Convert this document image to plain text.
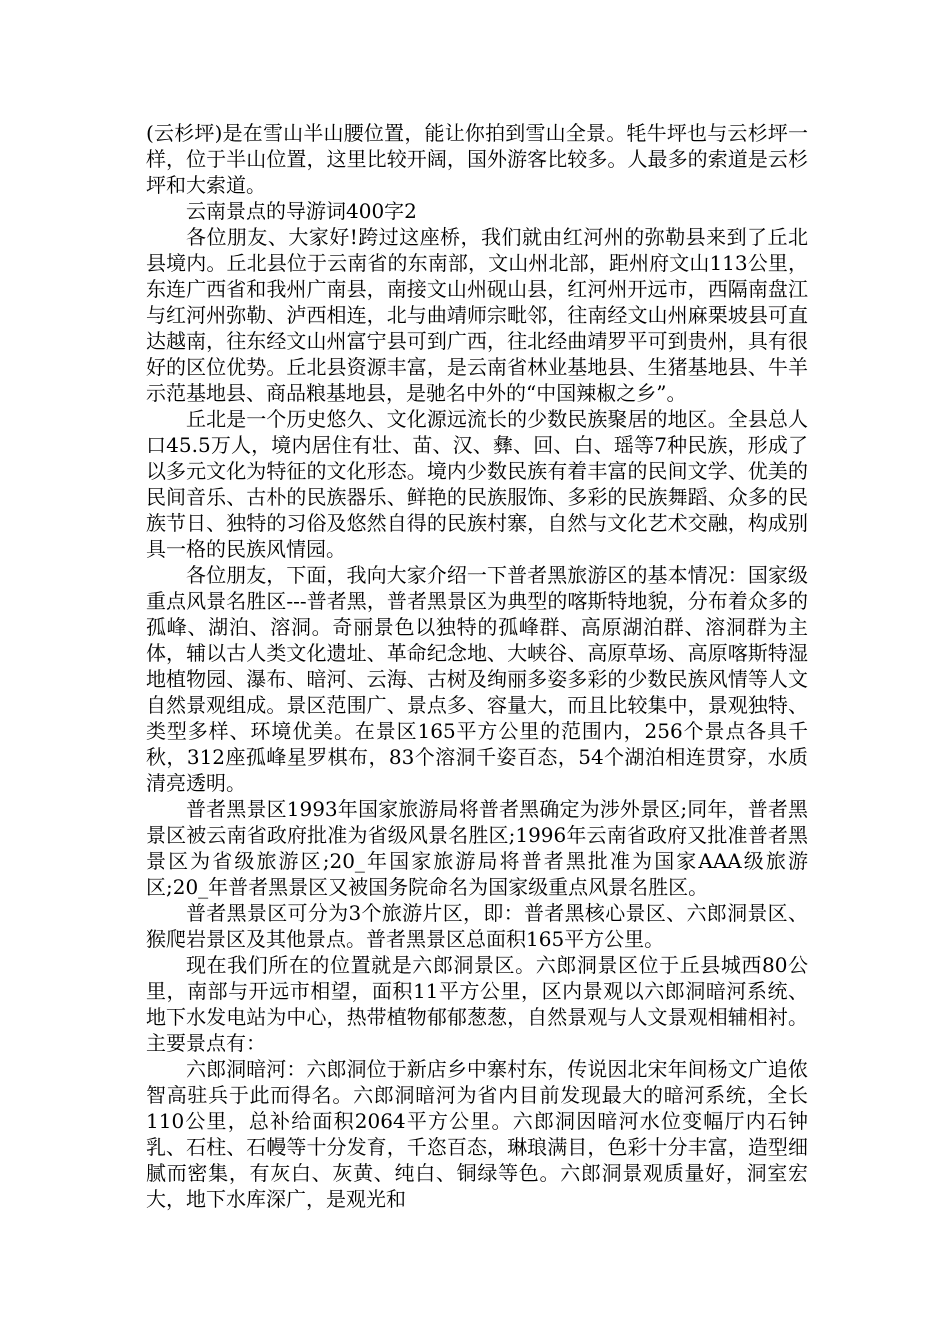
(云杉坪)是在雪山半山腰位置，能让你拍到雪山全景。牦牛坪也与云杉坪一样，位于半山位置，这里比较开阔，国外游客比较多。人最多的索道是云杉坪和大索道。

云南景点的导游词400字2

各位朋友、大家好!跨过这座桥，我们就由红河州的弥勒县来到了丘北县境内。丘北县位于云南省的东南部，文山州北部，距州府文山113公里，东连广西省和我州广南县，南接文山州砚山县，红河州开远市，西隔南盘江与红河州弥勒、泸西相连，北与曲靖师宗毗邻，往南经文山州麻栗坡县可直达越南，往东经文山州富宁县可到广西，往北经曲靖罗平可到贵州，具有很好的区位优势。丘北县资源丰富，是云南省林业基地县、生猪基地县、牛羊示范基地县、商品粮基地县，是驰名中外的“中国辣椒之乡”。

丘北是一个历史悠久、文化源远流长的少数民族聚居的地区。全县总人口45.5万人，境内居住有壮、苗、汉、彝、回、白、瑶等7种民族，形成了以多元文化为特征的文化形态。境内少数民族有着丰富的民间文学、优美的民间音乐、古朴的民族器乐、鲜艳的民族服饰、多彩的民族舞蹈、众多的民族节日、独特的习俗及悠然自得的民族村寨，自然与文化艺术交融，构成别具一格的民族风情园。

各位朋友，下面，我向大家介绍一下普者黑旅游区的基本情况：国家级重点风景名胜区---普者黑，普者黑景区为典型的喀斯特地貌，分布着众多的孤峰、湖泊、溶洞。奇丽景色以独特的孤峰群、高原湖泊群、溶洞群为主体，辅以古人类文化遗址、革命纪念地、大峡谷、高原草场、高原喀斯特湿地植物园、瀑布、暗河、云海、古树及绚丽多姿多彩的少数民族风情等人文自然景观组成。景区范围广、景点多、容量大，而且比较集中，景观独特、类型多样、环境优美。在景区165平方公里的范围内，256个景点各具千秋，312座孤峰星罗棋布，83个溶洞千姿百态，54个湖泊相连贯穿，水质清亮透明。

普者黑景区1993年国家旅游局将普者黑确定为涉外景区;同年，普者黑景区被云南省政府批准为省级风景名胜区;1996年云南省政府又批准普者黑景区为省级旅游区;20_年国家旅游局将普者黑批准为国家AAA级旅游区;20_年普者黑景区又被国务院命名为国家级重点风景名胜区。

普者黑景区可分为3个旅游片区，即：普者黑核心景区、六郎洞景区、猴爬岩景区及其他景点。普者黑景区总面积165平方公里。

现在我们所在的位置就是六郎洞景区。六郎洞景区位于丘县城西80公里，南部与开远市相望，面积11平方公里，区内景观以六郎洞暗河系统、地下水发电站为中心，热带植物郁郁葱葱，自然景观与人文景观相辅相衬。主要景点有：

六郎洞暗河：六郎洞位于新店乡中寨村东，传说因北宋年间杨文广追侬智高驻兵于此而得名。六郎洞暗河为省内目前发现最大的暗河系统，全长110公里，总补给面积2064平方公里。六郎洞因暗河水位变幅厅内石钟乳、石柱、石幔等十分发育，千恣百态，琳琅满目，色彩十分丰富，造型细腻而密集，有灰白、灰黄、纯白、铜绿等色。六郎洞景观质量好，洞室宏大，地下水库深广，是观光和
